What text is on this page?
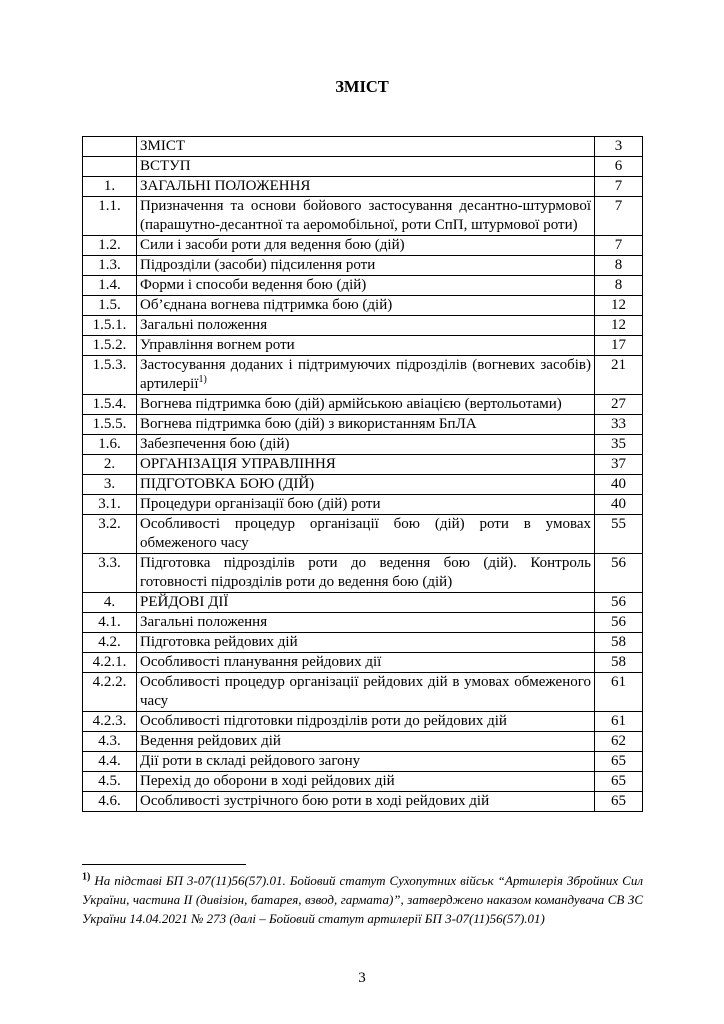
ЗМІСТ
	ЗМІСТ	3
	ВСТУП	6
1.	ЗАГАЛЬНІ ПОЛОЖЕННЯ	7
1.1.	Призначення та основи бойового застосування десантно-штурмової (парашутно-десантної та аеромобільної, роти СпП, штурмової роти)	7
1.2.	Сили і засоби роти для ведення бою (дій)	7
1.3.	Підрозділи (засоби) підсилення роти	8
1.4.	Форми і способи ведення бою (дій)	8
1.5.	Об’єднана вогнева підтримка бою (дій)	12
1.5.1.	Загальні положення	12
1.5.2.	Управління вогнем роти	17
1.5.3.	Застосування доданих і підтримуючих підрозділів (вогневих засобів) артилерії$^{1)}$	21
1.5.4.	Вогнева підтримка бою (дій) армійською авіацією (вертольотами)	27
1.5.5.	Вогнева підтримка бою (дій) з використанням БпЛА	33
1.6.	Забезпечення бою (дій)	35
2.	ОРГАНІЗАЦІЯ УПРАВЛІННЯ	37
3.	ПІДГОТОВКА БОЮ (ДІЙ)	40
3.1.	Процедури організації бою (дій) роти	40
3.2.	Особливості процедур організації бою (дій) роти в умовах обмеженого часу	55
3.3.	Підготовка підрозділів роти до ведення бою (дій). Контроль готовності підрозділів роти до ведення бою (дій)	56
4.	РЕЙДОВІ ДІЇ	56
4.1.	Загальні положення	56
4.2.	Підготовка рейдових дій	58
4.2.1.	Особливості планування рейдових дії	58
4.2.2.	Особливості процедур організації рейдових дій в умовах обмеженого часу	61
4.2.3.	Особливості підготовки підрозділів роти до рейдових дій	61
4.3.	Ведення рейдових дій	62
4.4.	Дії роти в складі рейдового загону	65
4.5.	Перехід до оборони в ході рейдових дій	65
4.6.	Особливості зустрічного бою роти в ході рейдових дій	65
$^{1)}$ На підставі БП 3-07(11)56(57).01. Бойовий статут Сухопутних військ “Артилерія Збройних Сил України, частина ІІ (дивізіон, батарея, взвод, гармата)”, затверджено наказом командувача СВ ЗС України 14.04.2021 № 273 (далі – Бойовий статут артилерії БП 3-07(11)56(57).01)
3
